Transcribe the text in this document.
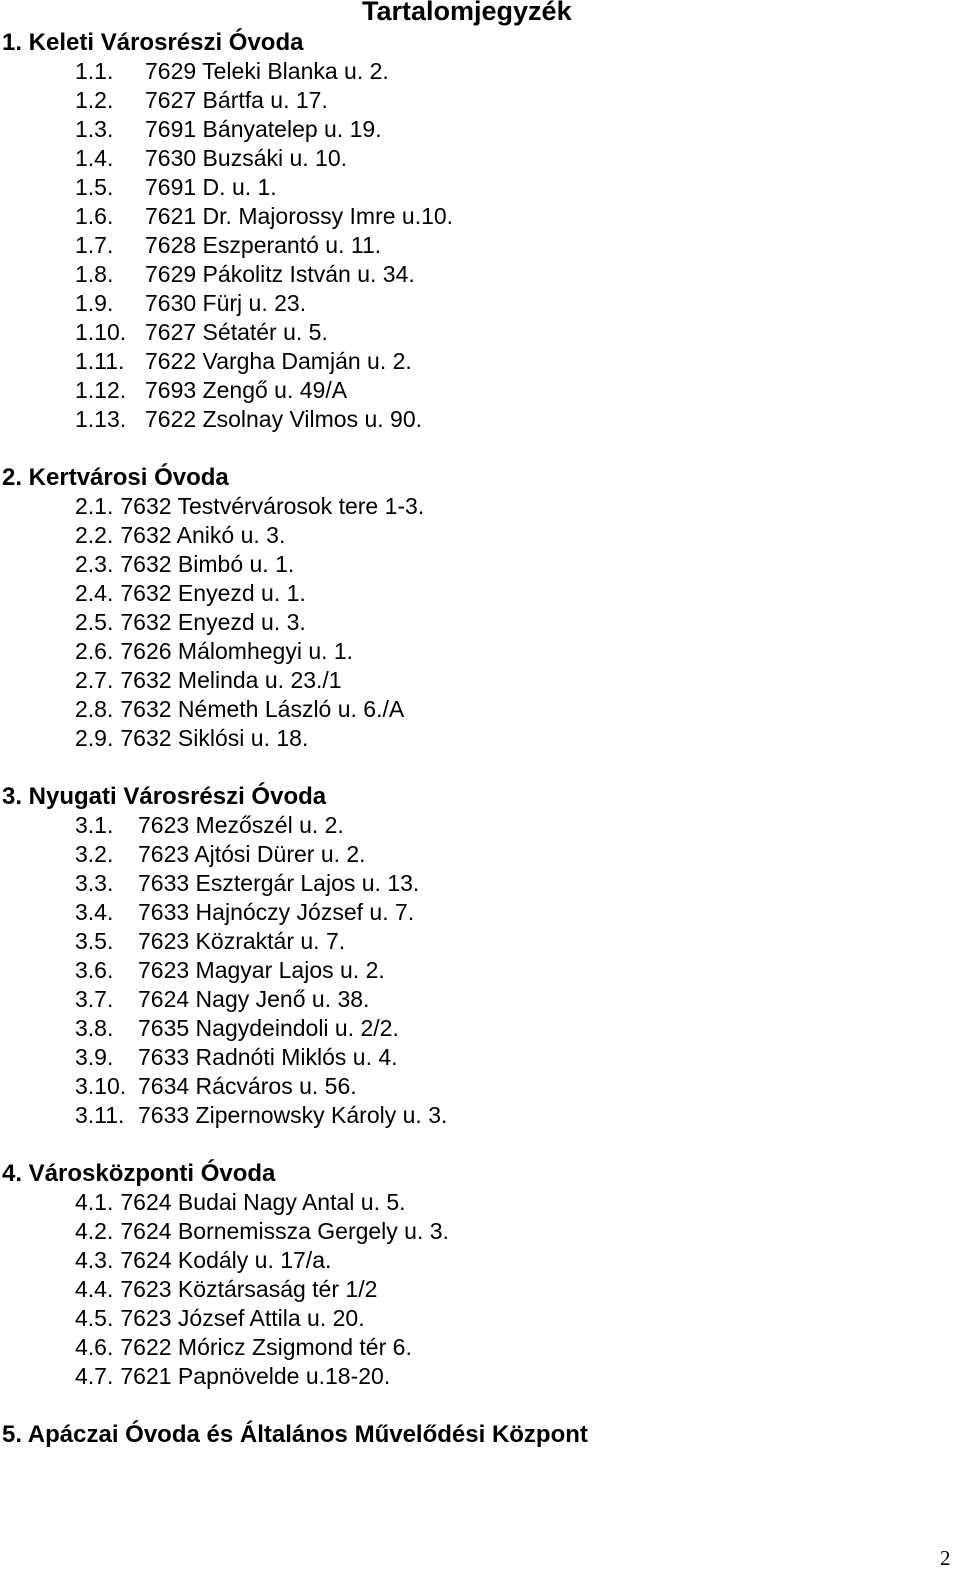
Tartalomjegyzék
1. Keleti Városrészi Óvoda
1.1. 7629 Teleki Blanka u. 2.
1.2. 7627 Bártfa u. 17.
1.3. 7691 Bányatelep u. 19.
1.4. 7630 Buzsáki u. 10.
1.5. 7691 D. u. 1.
1.6. 7621 Dr. Majorossy Imre u.10.
1.7. 7628 Eszperantó u. 11.
1.8. 7629 Pákolitz István u. 34.
1.9. 7630 Fürj u. 23.
1.10. 7627 Sétatér u. 5.
1.11. 7622 Vargha Damján u. 2.
1.12. 7693 Zengő u. 49/A
1.13. 7622 Zsolnay Vilmos u. 90.
2. Kertvárosi Óvoda
2.1. 7632 Testvérvárosok tere 1-3.
2.2. 7632 Anikó u. 3.
2.3. 7632 Bimbó u. 1.
2.4. 7632 Enyezd u. 1.
2.5. 7632 Enyezd u. 3.
2.6. 7626 Málomhegyi u. 1.
2.7. 7632 Melinda u. 23./1
2.8. 7632 Németh László u. 6./A
2.9. 7632 Siklósi u. 18.
3. Nyugati Városrészi Óvoda
3.1. 7623 Mezőszél u. 2.
3.2. 7623 Ajtósi Dürer u. 2.
3.3. 7633 Esztergár Lajos u. 13.
3.4. 7633 Hajnóczy József u. 7.
3.5. 7623 Közraktár u. 7.
3.6. 7623 Magyar Lajos u. 2.
3.7. 7624 Nagy Jenő u. 38.
3.8. 7635 Nagydeindoli u. 2/2.
3.9. 7633 Radnóti Miklós u. 4.
3.10. 7634 Rácváros u. 56.
3.11. 7633 Zipernowsky Károly u. 3.
4. Városközponti Óvoda
4.1. 7624 Budai Nagy Antal u. 5.
4.2. 7624 Bornemissza Gergely u. 3.
4.3. 7624 Kodály u. 17/a.
4.4. 7623 Köztársaság tér 1/2
4.5. 7623 József Attila u. 20.
4.6. 7622 Móricz Zsigmond tér 6.
4.7. 7621 Papnövelde u.18-20.
5. Apáczai Óvoda és Általános Művelődési Központ
2
